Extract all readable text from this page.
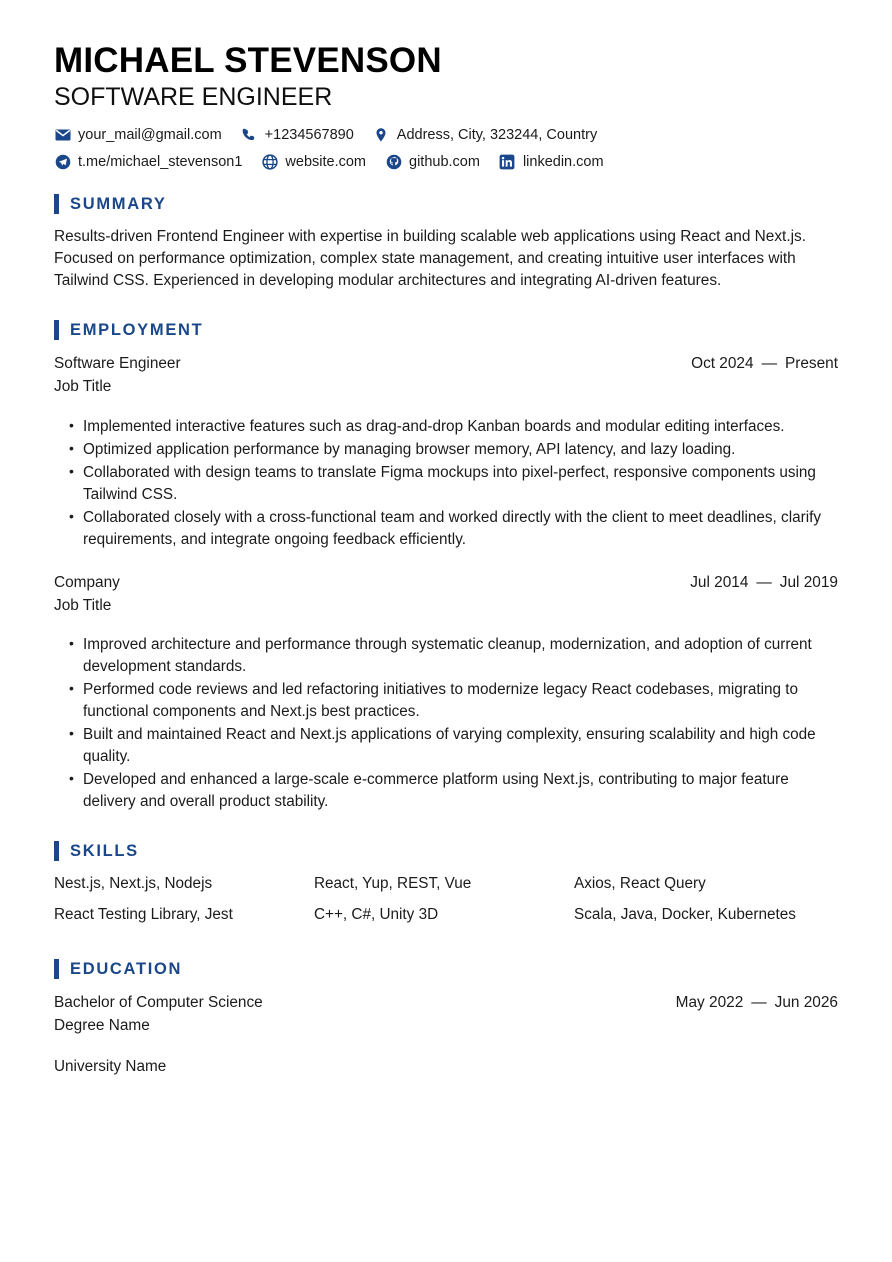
MICHAEL STEVENSON
SOFTWARE ENGINEER
your_mail@gmail.com	+1234567890	Address, City, 323244, Country
t.me/michael_stevenson1	website.com	github.com	linkedin.com
SUMMARY

Results-driven Frontend Engineer with expertise in building scalable web applications using React and Next.js. Focused on performance optimization, complex state management, and creating intuitive user interfaces with Tailwind CSS. Experienced in developing modular architectures and integrating AI-driven features.

EMPLOYMENT
Software Engineer	Oct 2024 — Present
Job Title
• Implemented interactive features such as drag-and-drop Kanban boards and modular editing interfaces.
• Optimized application performance by managing browser memory, API latency, and lazy loading.
• Collaborated with design teams to translate Figma mockups into pixel-perfect, responsive components using Tailwind CSS.
• Collaborated closely with a cross-functional team and worked directly with the client to meet deadlines, clarify requirements, and integrate ongoing feedback efficiently.
Company	Jul 2014 — Jul 2019
Job Title
• Improved architecture and performance through systematic cleanup, modernization, and adoption of current development standards.
• Performed code reviews and led refactoring initiatives to modernize legacy React codebases, migrating to functional components and Next.js best practices.
• Built and maintained React and Next.js applications of varying complexity, ensuring scalability and high code quality.
• Developed and enhanced a large-scale e-commerce platform using Next.js, contributing to major feature delivery and overall product stability.
SKILLS
Nest.js, Next.js, Nodejs	React, Yup, REST, Vue	Axios, React Query
React Testing Library, Jest	C++, C#, Unity 3D	Scala, Java, Docker, Kubernetes
EDUCATION
Bachelor of Computer Science	May 2022 — Jun 2026
Degree Name
University Name
